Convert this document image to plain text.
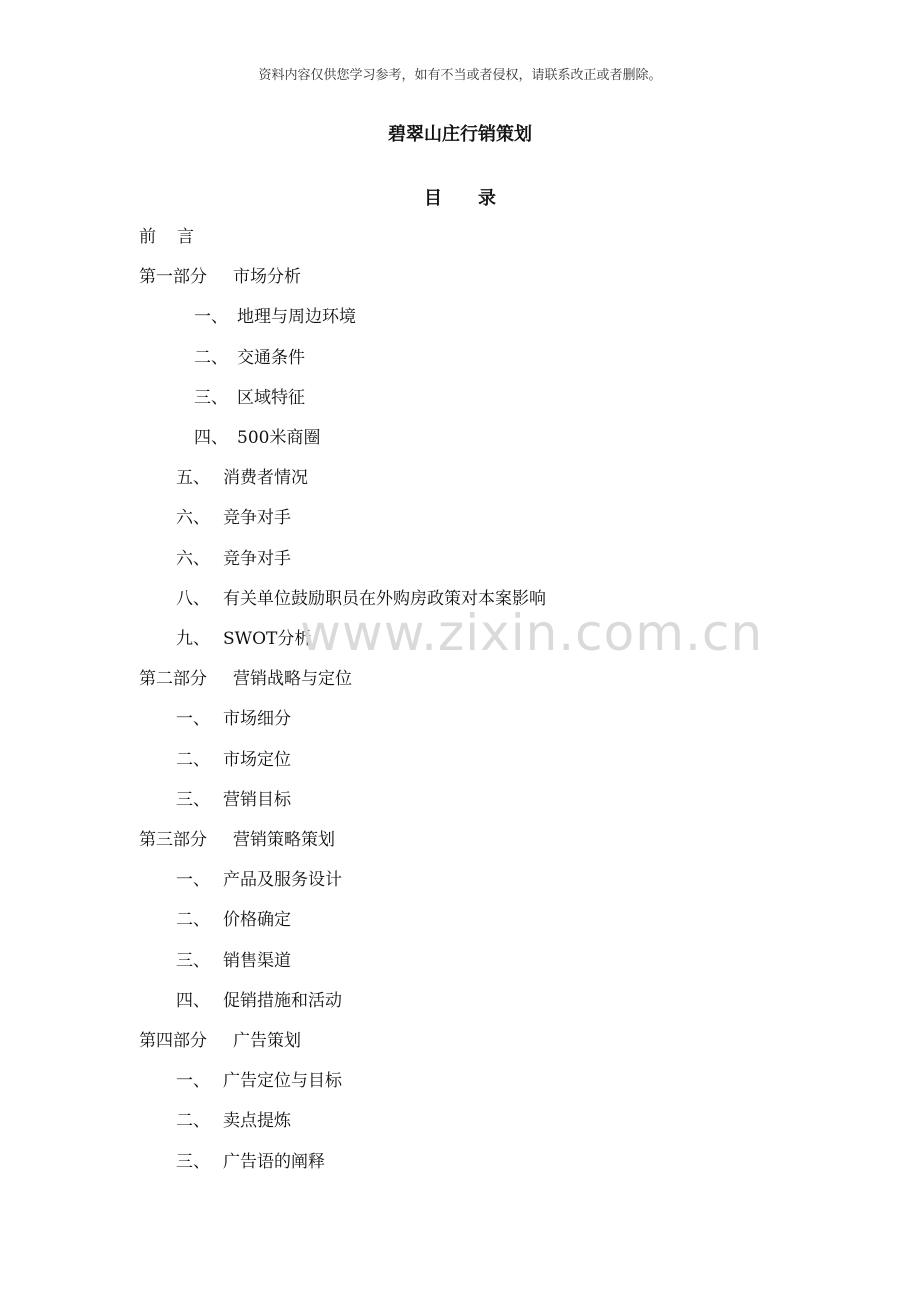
资料内容仅供您学习参考，如有不当或者侵权，请联系改正或者删除。
碧翠山庄行销策划
目录
前 言
第一部分 市场分析
一、 地理与周边环境
二、 交通条件
三、 区域特征
四、 500米商圈
五、 消费者情况
六、 竞争对手
六、 竞争对手
八、 有关单位鼓励职员在外购房政策对本案影响
九、 SWOT分析
第二部分 营销战略与定位
一、 市场细分
二、 市场定位
三、 营销目标
第三部分 营销策略策划
一、 产品及服务设计
二、 价格确定
三、 销售渠道
四、 促销措施和活动
第四部分 广告策划
一、 广告定位与目标
二、 卖点提炼
三、 广告语的阐释
www.zixin.com.cn
